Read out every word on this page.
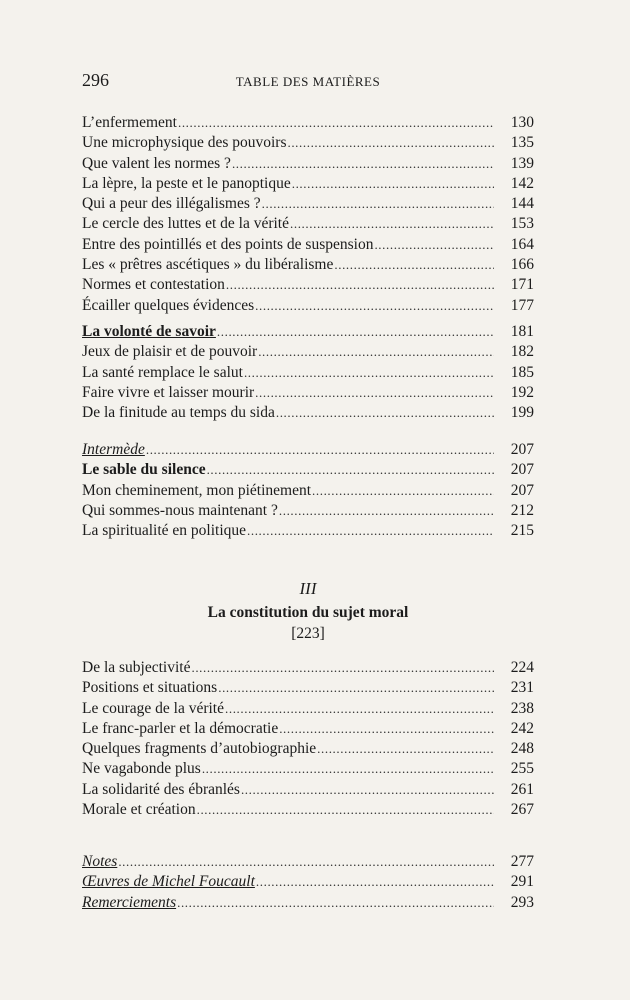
296	TABLE DES MATIÈRES
L’enfermement .....	130
Une microphysique des pouvoirs .....	135
Que valent les normes ? .....	139
La lèpre, la peste et le panoptique .....	142
Qui a peur des illégalismes ? .....	144
Le cercle des luttes et de la vérité .....	153
Entre des pointillés et des points de suspension .....	164
Les « prêtres ascétiques » du libéralisme .....	166
Normes et contestation .....	171
Écailler quelques évidences .....	177
La volonté de savoir .....	181
Jeux de plaisir et de pouvoir .....	182
La santé remplace le salut .....	185
Faire vivre et laisser mourir .....	192
De la finitude au temps du sida .....	199
Intermède .....	207
Le sable du silence .....	207
Mon cheminement, mon piétinement .....	207
Qui sommes-nous maintenant ? .....	212
La spiritualité en politique .....	215
III
La constitution du sujet moral
[223]
De la subjectivité .....	224
Positions et situations .....	231
Le courage de la vérité .....	238
Le franc-parler et la démocratie .....	242
Quelques fragments d’autobiographie .....	248
Ne vagabonde plus .....	255
La solidarité des ébranlés .....	261
Morale et création .....	267
Notes .....	277
Œuvres de Michel Foucault .....	291
Remerciements .....	293
